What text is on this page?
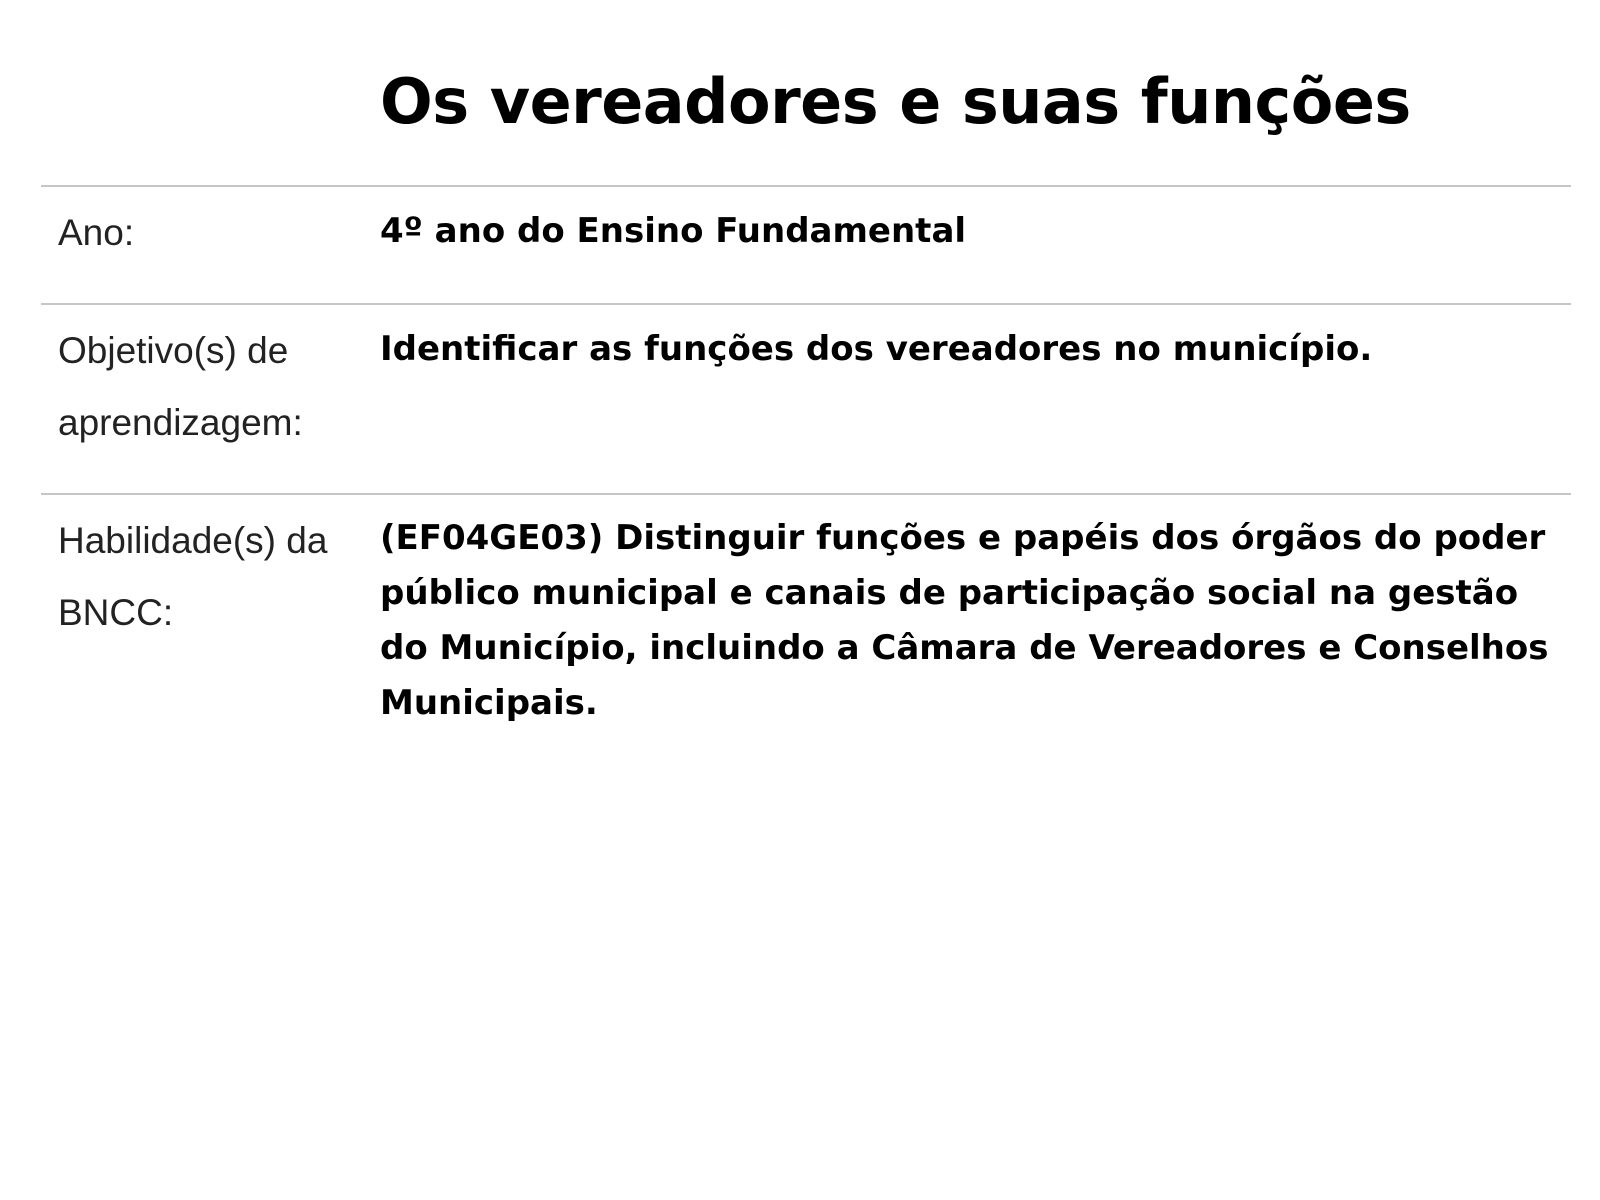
Os vereadores e suas funções
Ano:	4º ano do Ensino Fundamental
Objetivo(s) de aprendizagem:
Identificar as funções dos vereadores no município.
Habilidade(s) da BNCC:
(EF04GE03) Distinguir funções e papéis dos órgãos do poder público municipal e canais de participação social na gestão do Município, incluindo a Câmara de Vereadores e Conselhos Municipais.
